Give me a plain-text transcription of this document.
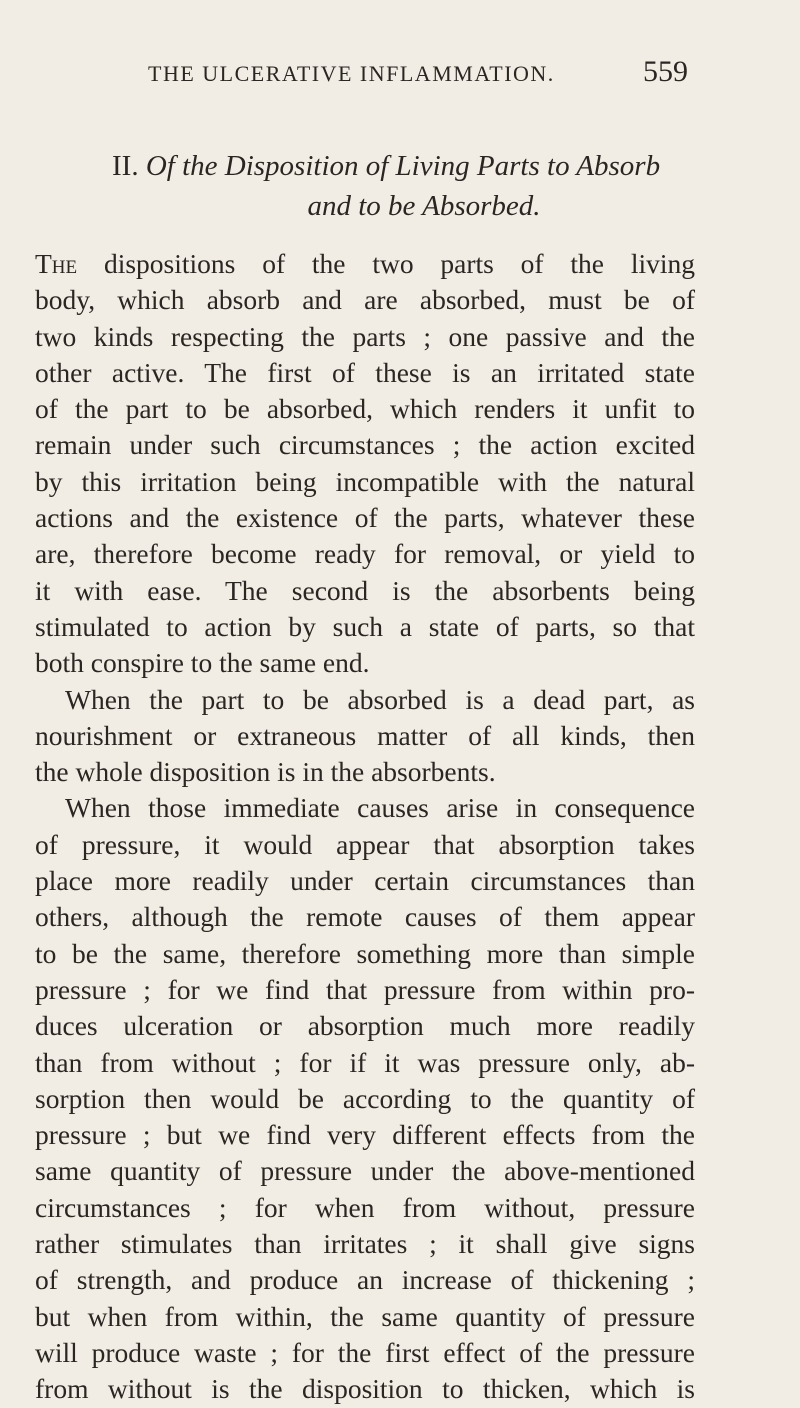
THE ULCERATIVE INFLAMMATION.	559
II. Of the Disposition of Living Parts to Absorb
and to be Absorbed.
The dispositions of the two parts of the living
body, which absorb and are absorbed, must be of
two kinds respecting the parts ; one passive and the
other active. The first of these is an irritated state
of the part to be absorbed, which renders it unfit to
remain under such circumstances ; the action excited
by this irritation being incompatible with the natural
actions and the existence of the parts, whatever these
are, therefore become ready for removal, or yield to
it with ease. The second is the absorbents being
stimulated to action by such a state of parts, so that
both conspire to the same end.
When the part to be absorbed is a dead part, as
nourishment or extraneous matter of all kinds, then
the whole disposition is in the absorbents.
When those immediate causes arise in consequence
of pressure, it would appear that absorption takes
place more readily under certain circumstances than
others, although the remote causes of them appear
to be the same, therefore something more than simple
pressure ; for we find that pressure from within pro-
duces ulceration or absorption much more readily
than from without ; for if it was pressure only, ab-
sorption then would be according to the quantity of
pressure ; but we find very different effects from the
same quantity of pressure under the above-mentioned
circumstances ; for when from without, pressure
rather stimulates than irritates ; it shall give signs
of strength, and produce an increase of thickening ;
but when from within, the same quantity of pressure
will produce waste ; for the first effect of the pressure
from without is the disposition to thicken, which is
